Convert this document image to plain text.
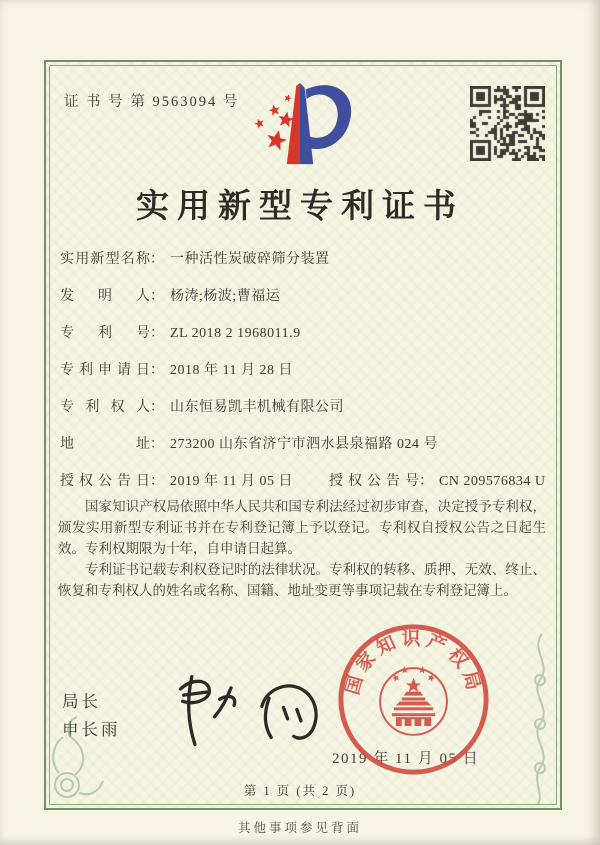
证 书 号 第 9563094 号
实用新型专利证书
实用新型名称 ： 一种活性炭破碎筛分装置
发明人 ： 杨涛;杨波;曹福运
专利号 ： ZL 2018 2 1968011.9
专利申请日 ： 2018 年 11 月 28 日
专利权人 ： 山东恒易凯丰机械有限公司
地址 ： 273200 山东省济宁市泗水县泉福路 024 号
授权公告日 ： 2019 年 11 月 05 日	授权公告号 ： CN 209576834 U

国家知识产权局依照中华人民共和国专利法经过初步审查，决定授予专利权，颁发实用新型专利证书并在专利登记簿上予以登记。专利权自授权公告之日起生效。专利权期限为十年，自申请日起算。

专利证书记载专利权登记时的法律状况。专利权的转移、质押、无效、终止、恢复和专利权人的姓名或名称、国籍、地址变更等事项记载在专利登记簿上。

局长
申长雨
2019 年 11 月 05 日
国家知识产权局
第 1 页 (共 2 页)
其他事项参见背面
